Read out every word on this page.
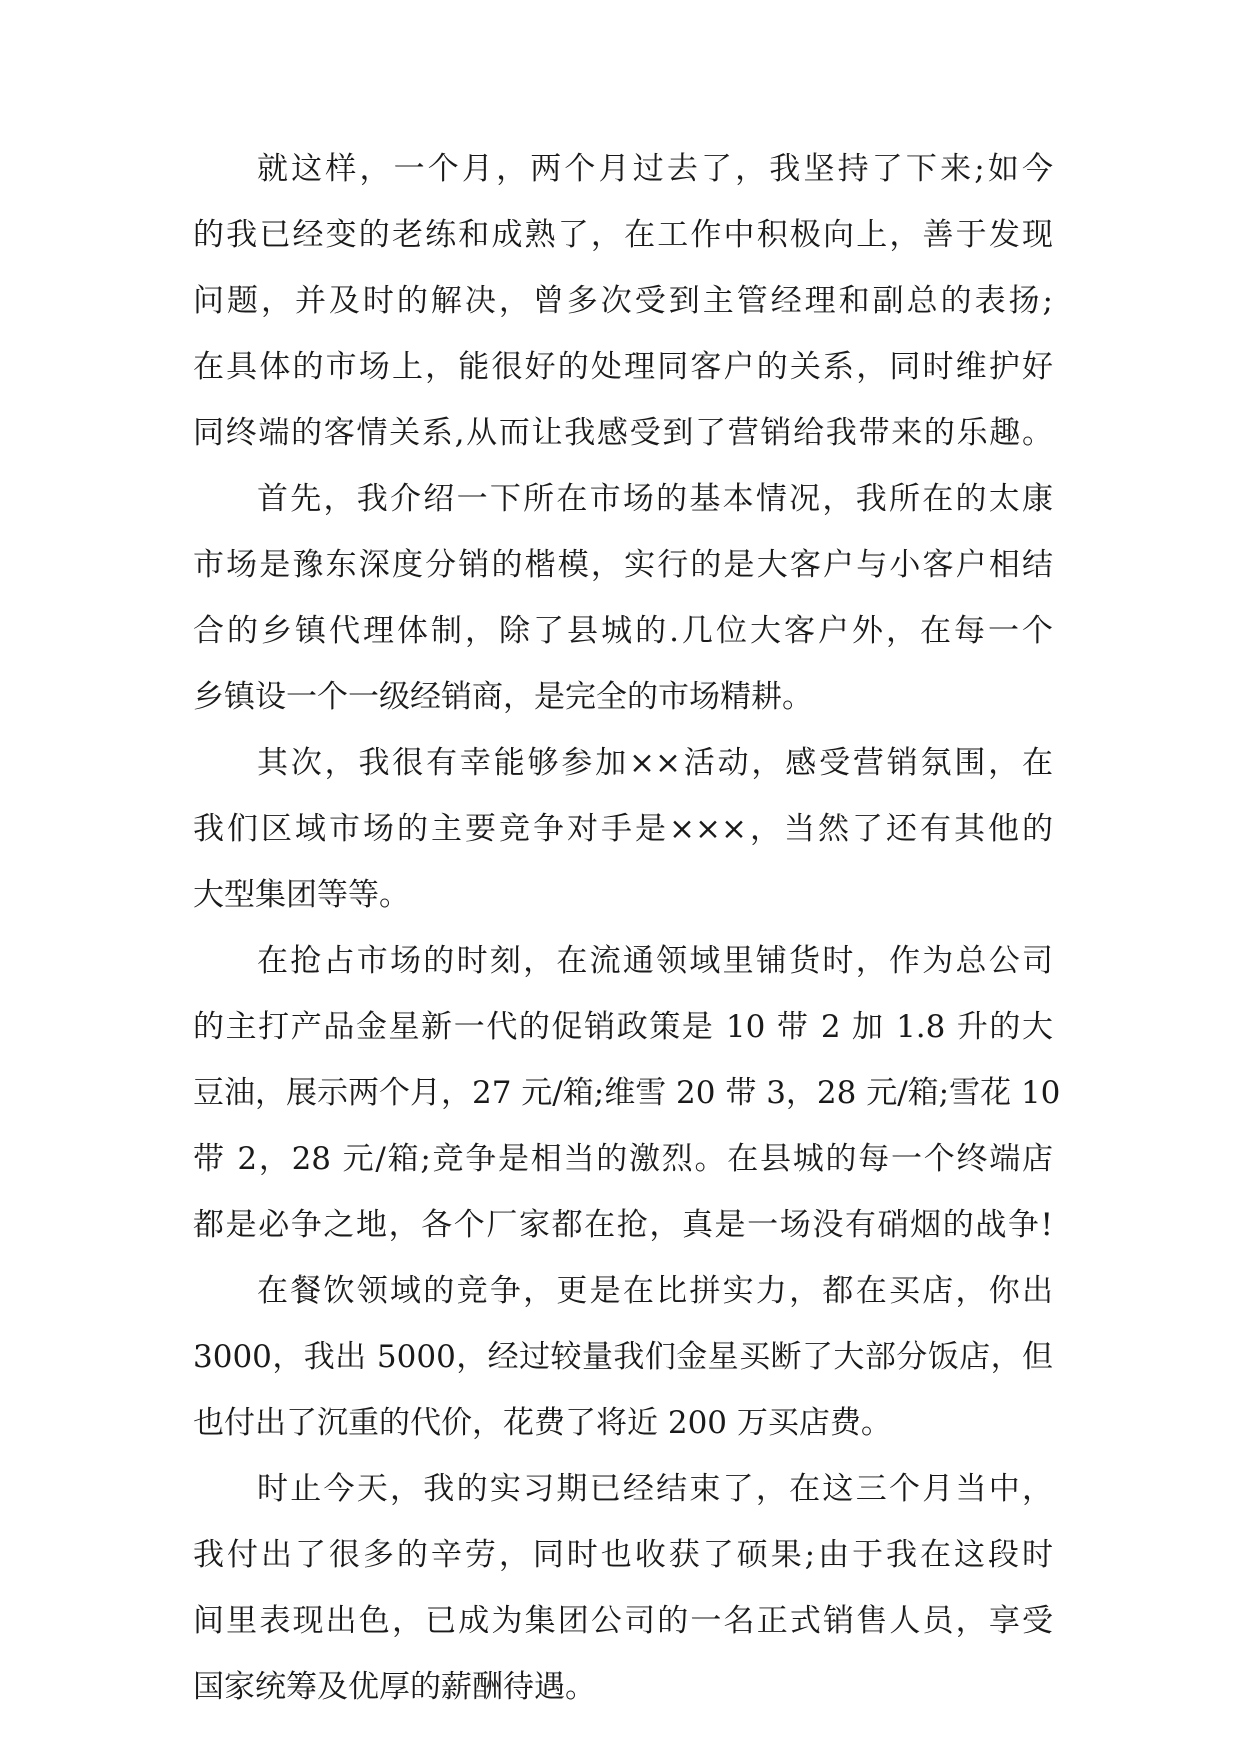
就这样，一个月，两个月过去了，我坚持了下来;如今
的我已经变的老练和成熟了，在工作中积极向上，善于发现
问题，并及时的解决，曾多次受到主管经理和副总的表扬;
在具体的市场上，能很好的处理同客户的关系，同时维护好
同终端的客情关系,从而让我感受到了营销给我带来的乐趣。
首先，我介绍一下所在市场的基本情况，我所在的太康
市场是豫东深度分销的楷模，实行的是大客户与小客户相结
合的乡镇代理体制，除了县城的.几位大客户外，在每一个
乡镇设一个一级经销商，是完全的市场精耕。
其次，我很有幸能够参加××活动，感受营销氛围，在
我们区域市场的主要竞争对手是×××，当然了还有其他的
大型集团等等。
在抢占市场的时刻，在流通领域里铺货时，作为总公司
的主打产品金星新一代的促销政策是 10 带 2 加 1.8 升的大
豆油，展示两个月，27 元/箱;维雪 20 带 3，28 元/箱;雪花 10
带 2，28 元/箱;竞争是相当的激烈。在县城的每一个终端店
都是必争之地，各个厂家都在抢，真是一场没有硝烟的战争!
在餐饮领域的竞争，更是在比拼实力，都在买店，你出
3000，我出 5000，经过较量我们金星买断了大部分饭店，但
也付出了沉重的代价，花费了将近 200 万买店费。
时止今天，我的实习期已经结束了，在这三个月当中，
我付出了很多的辛劳，同时也收获了硕果;由于我在这段时
间里表现出色，已成为集团公司的一名正式销售人员，享受
国家统筹及优厚的薪酬待遇。
